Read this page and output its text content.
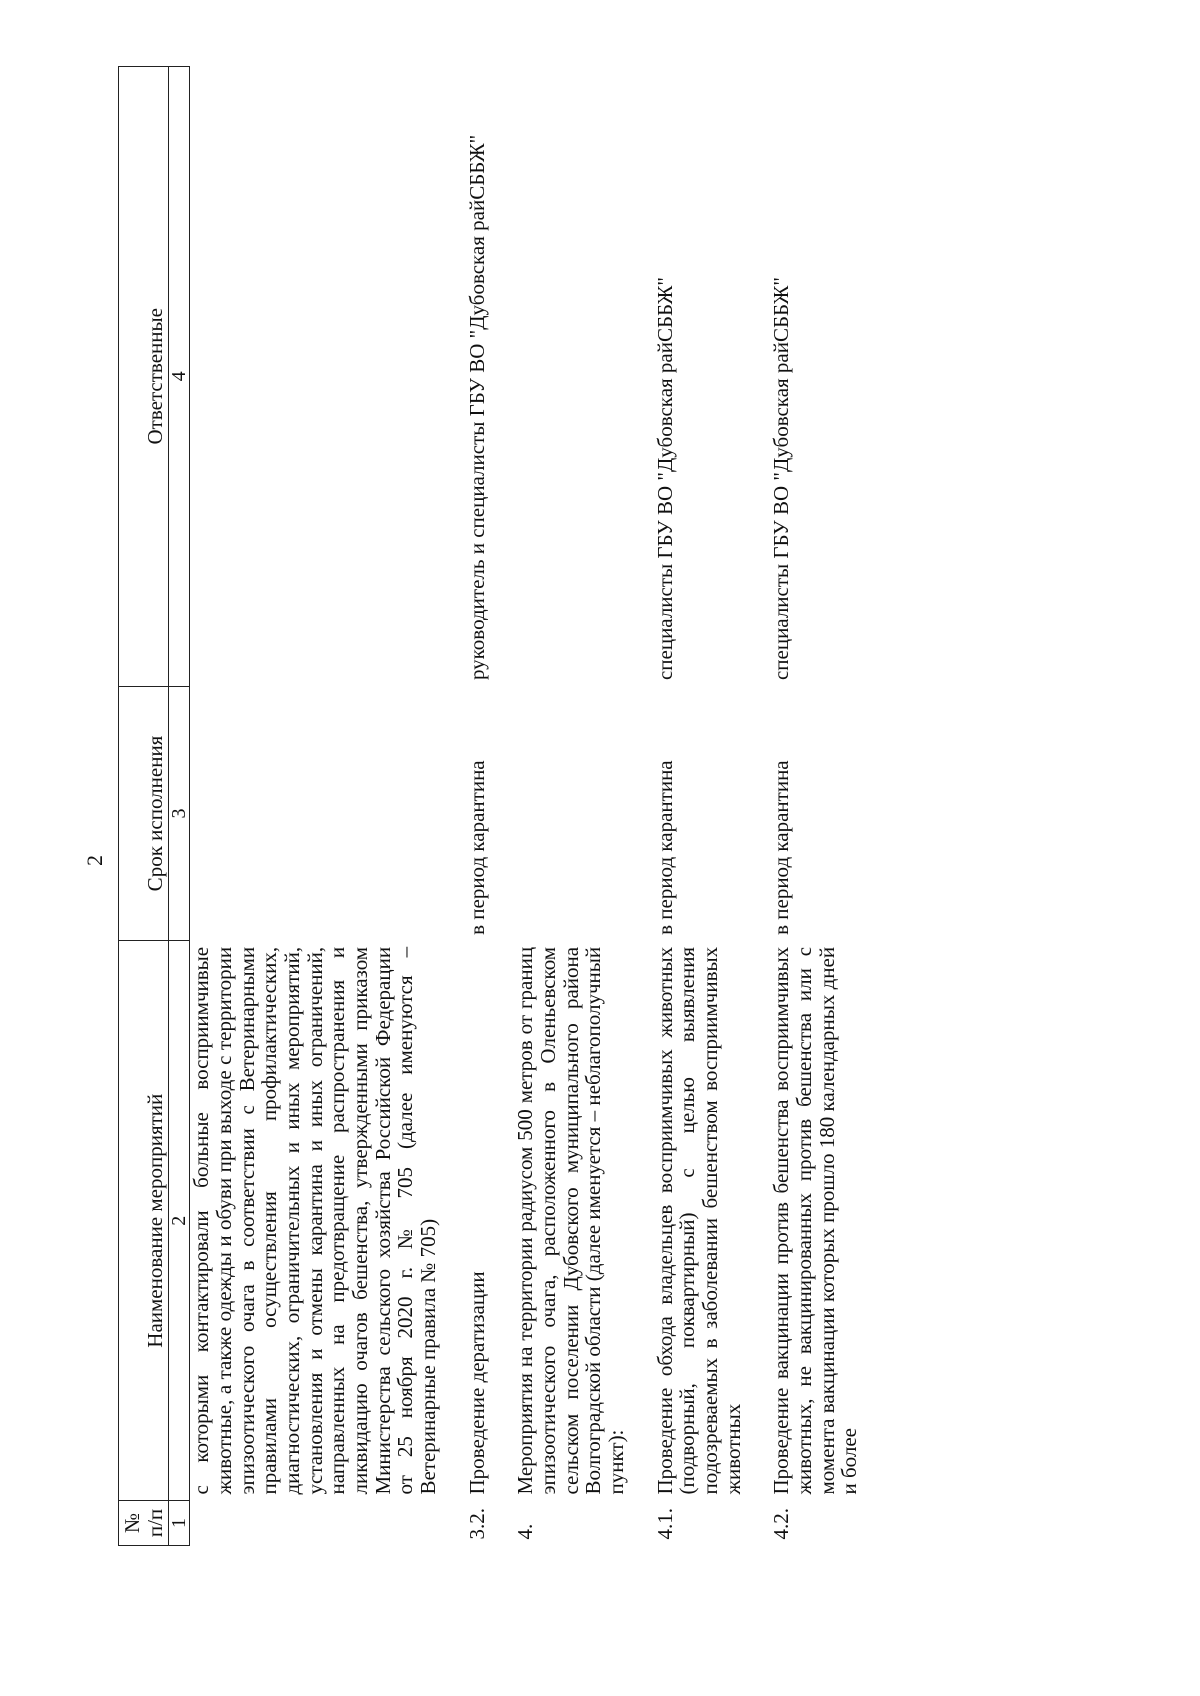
2
№ п/п	Наименование мероприятий	Срок исполнения	Ответственные
1	2	3	4
	с которыми контактировали больные восприимчивые животные, а также одежды и обуви при выходе с территории эпизоотического очага в соответствии с Ветеринарными правилами осуществления профилактических, диагностических, ограничительных и иных мероприятий, установления и отмены карантина и иных ограничений, направленных на предотвращение распространения и ликвидацию очагов бешенства, утвержденными приказом Министерства сельского хозяйства Российской Федерации от 25 ноября 2020 г. № 705 (далее именуются – Ветеринарные правила № 705)		
3.2.	Проведение дератизации	в период карантина	руководитель и специалисты ГБУ ВО "Дубовская райСББЖ"
4.	Мероприятия на территории радиусом 500 метров от границ эпизоотического очага, расположенного в Оленьевском сельском поселении Дубовского муниципального района Волгоградской области (далее именуется – неблагополучный пункт):		
4.1.	Проведение обхода владельцев восприимчивых животных (подворный, поквартирный) с целью выявления подозреваемых в заболевании бешенством восприимчивых животных	в период карантина	специалисты ГБУ ВО "Дубовская райСББЖ"
4.2.	Проведение вакцинации против бешенства восприимчивых животных, не вакцинированных против бешенства или с момента вакцинации которых прошло 180 календарных дней и более	в период карантина	специалисты ГБУ ВО "Дубовская райСББЖ"
